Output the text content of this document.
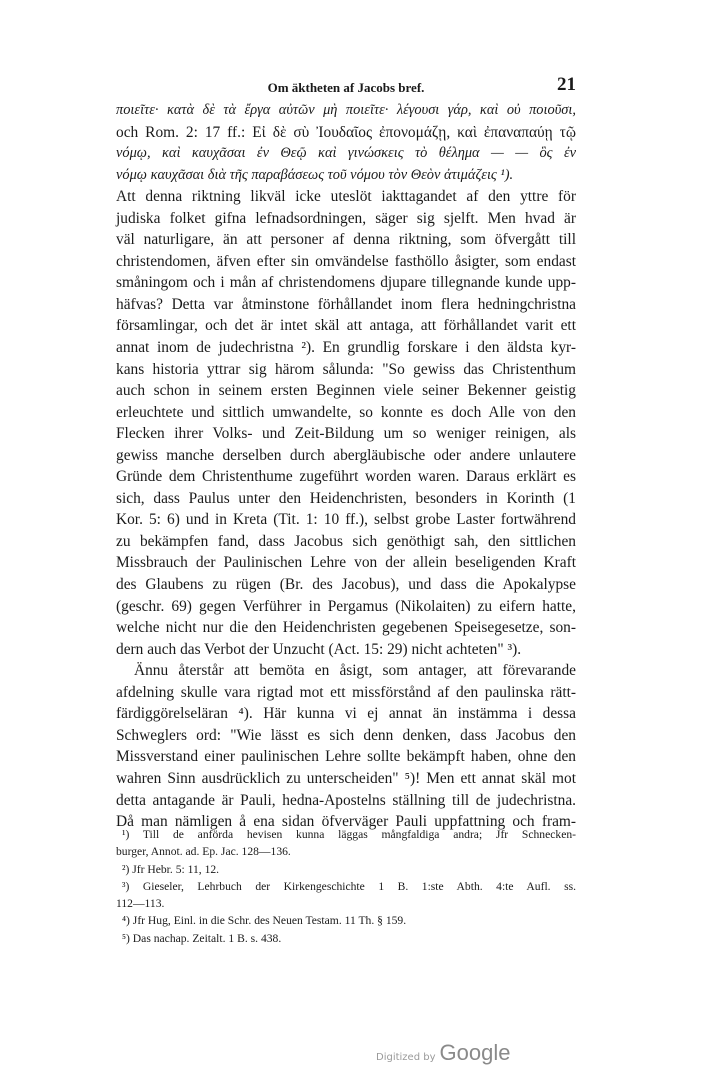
Om äktheten af Jacobs bref.	21
ποιεῖτε· κατὰ δὲ τὰ ἔργα αὐτῶν μὴ ποιεῖτε· λέγουσι γάρ, καὶ οὐ ποιοῦσι,
och Rom. 2: 17 ff.: Εἰ δὲ σὺ Ἰουδαῖος ἐπονομάζῃ, καὶ ἐπαναπαύῃ τῷ
νόμῳ, καὶ καυχᾶσαι ἐν Θεῷ καὶ γινώσκεις τὸ θέλημα — — ὃς ἐν
νόμῳ καυχᾶσαι διὰ τῆς παραβάσεως τοῦ νόμου τὸν Θεὸν ἀτιμάζεις ¹).
Att denna riktning likväl icke uteslöt iakttagandet af den yttre för
judiska folket gifna lefnadsordningen, säger sig sjelft. Men hvad är
väl naturligare, än att personer af denna riktning, som öfvergått till
christendomen, äfven efter sin omvändelse fasthöllo åsigter, som endast
småningom och i mån af christendomens djupare tillegnande kunde upp-
häfvas? Detta var åtminstone förhållandet inom flera hedningchristna
församlingar, och det är intet skäl att antaga, att förhållandet varit ett
annat inom de judechristna ²). En grundlig forskare i den äldsta kyr-
kans historia yttrar sig härom sålunda: "So gewiss das Christenthum
auch schon in seinem ersten Beginnen viele seiner Bekenner geistig
erleuchtete und sittlich umwandelte, so konnte es doch Alle von den
Flecken ihrer Volks- und Zeit-Bildung um so weniger reinigen, als
gewiss manche derselben durch abergläubische oder andere unlautere
Gründe dem Christenthume zugeführt worden waren. Daraus erklärt es
sich, dass Paulus unter den Heidenchristen, besonders in Korinth (1
Kor. 5: 6) und in Kreta (Tit. 1: 10 ff.), selbst grobe Laster fortwährend
zu bekämpfen fand, dass Jacobus sich genöthigt sah, den sittlichen
Missbrauch der Paulinischen Lehre von der allein beseligenden Kraft
des Glaubens zu rügen (Br. des Jacobus), und dass die Apokalypse
(geschr. 69) gegen Verführer in Pergamus (Nikolaiten) zu eifern hatte,
welche nicht nur die den Heidenchristen gegebenen Speisegesetze, son-
dern auch das Verbot der Unzucht (Act. 15: 29) nicht achteten" ³).
Ännu återstår att bemöta en åsigt, som antager, att förevarande
afdelning skulle vara rigtad mot ett missförstånd af den paulinska rätt-
färdiggörelseläran ⁴). Här kunna vi ej annat än instämma i dessa
Schweglers ord: "Wie lässt es sich denn denken, dass Jacobus den
Missverstand einer paulinischen Lehre sollte bekämpft haben, ohne den
wahren Sinn ausdrücklich zu unterscheiden" ⁵)! Men ett annat skäl mot
detta antagande är Pauli, hedna-Apostelns ställning till de judechristna.
Då man nämligen å ena sidan öfverväger Pauli uppfattning och fram-
¹) Till de anförda hevisen kunna läggas mångfaldiga andra; Jfr Schnecken-
burger, Annot. ad. Ep. Jac. 128—136.
²) Jfr Hebr. 5: 11, 12.
³) Gieseler, Lehrbuch der Kirkengeschichte 1 B. 1:ste Abth. 4:te Aufl. ss.
112—113.
⁴) Jfr Hug, Einl. in die Schr. des Neuen Testam. 11 Th. § 159.
⁵) Das nachap. Zeitalt. 1 B. s. 438.
Digitized by Google
